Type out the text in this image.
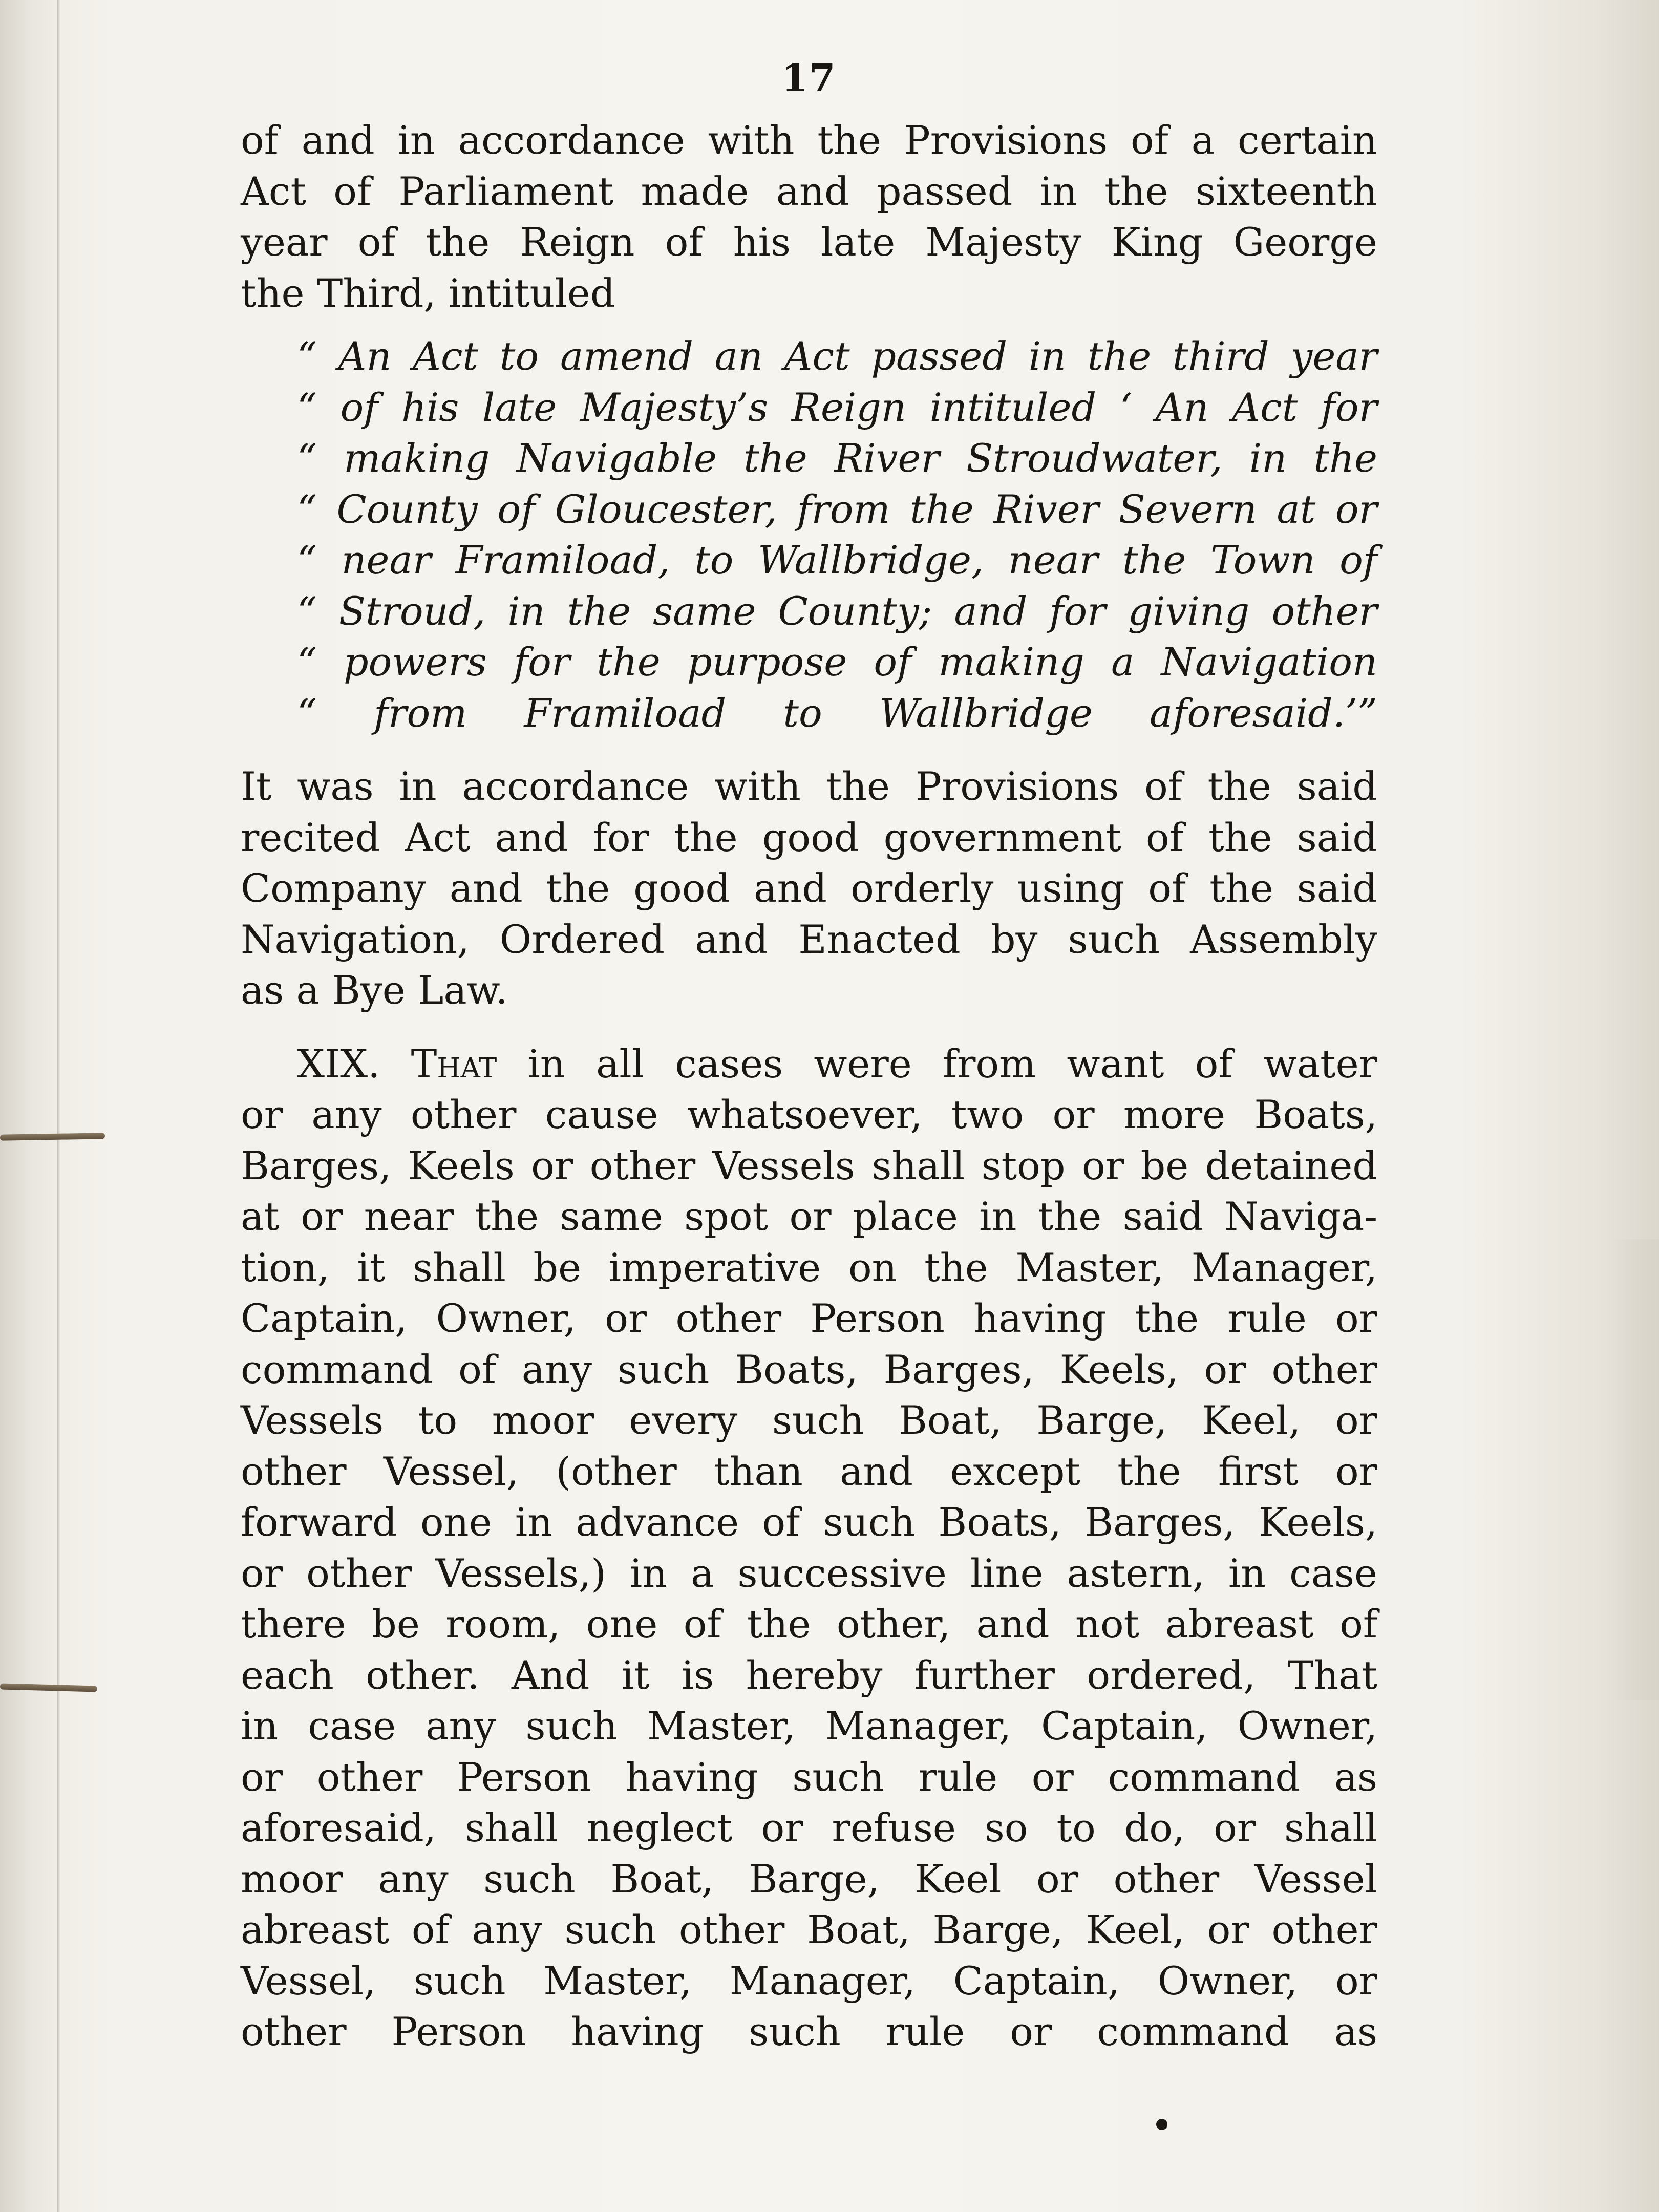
17

of and in accordance with the Provisions of a certain

Act of Parliament made and passed in the sixteenth

year of the Reign of his late Majesty King George

the Third, intituled

“ An Act to amend an Act passed in the third year

“ of his late Majesty’s Reign intituled ‘ An Act for

“ making Navigable the River Stroudwater, in the

“ County of Gloucester, from the River Severn at or

“ near Framiload, to Wallbridge, near the Town of

“ Stroud, in the same County; and for giving other

“ powers for the purpose of making a Navigation

“ from Framiload to Wallbridge aforesaid.’”

It was in accordance with the Provisions of the said

recited Act and for the good government of the said

Company and the good and orderly using of the said

Navigation, Ordered and Enacted by such Assembly

as a Bye Law.

XIX. That in all cases were from want of water

or any other cause whatsoever, two or more Boats,

Barges, Keels or other Vessels shall stop or be detained

at or near the same spot or place in the said Naviga-

tion, it shall be imperative on the Master, Manager,

Captain, Owner, or other Person having the rule or

command of any such Boats, Barges, Keels, or other

Vessels to moor every such Boat, Barge, Keel, or

other Vessel, (other than and except the first or

forward one in advance of such Boats, Barges, Keels,

or other Vessels,) in a successive line astern, in case

there be room, one of the other, and not abreast of

each other. And it is hereby further ordered, That

in case any such Master, Manager, Captain, Owner,

or other Person having such rule or command as

aforesaid, shall neglect or refuse so to do, or shall

moor any such Boat, Barge, Keel or other Vessel

abreast of any such other Boat, Barge, Keel, or other

Vessel, such Master, Manager, Captain, Owner, or

other Person having such rule or command as
